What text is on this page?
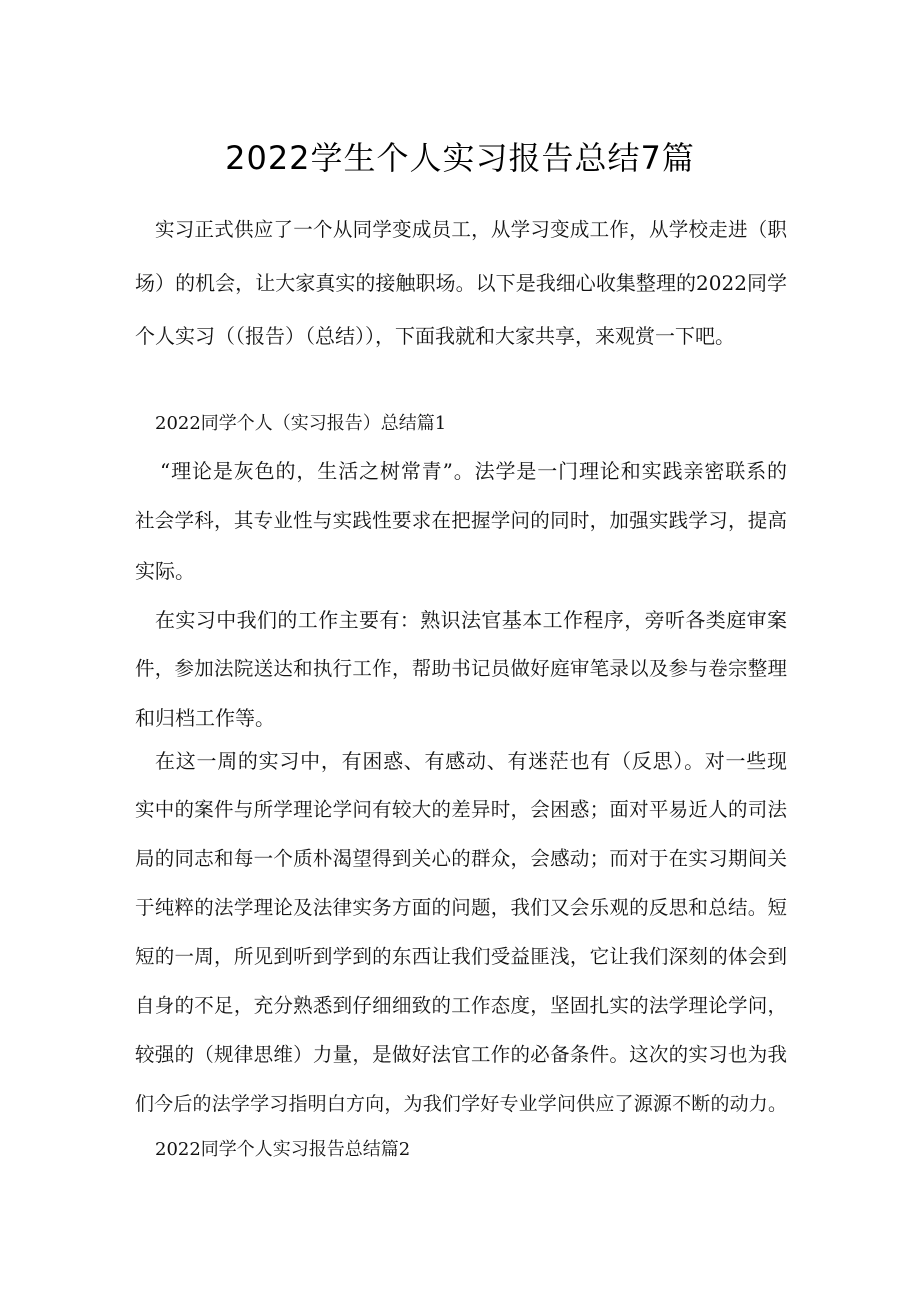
2022学生个人实习报告总结7篇
实习正式供应了一个从同学变成员工，从学习变成工作，从学校走进（职
场）的机会，让大家真实的接触职场。以下是我细心收集整理的2022同学
个人实习（（报告）（总结）），下面我就和大家共享，来观赏一下吧。
2022同学个人（实习报告）总结篇1
“理论是灰色的，生活之树常青”。法学是一门理论和实践亲密联系的
社会学科，其专业性与实践性要求在把握学问的同时，加强实践学习，提高
实际。
在实习中我们的工作主要有：熟识法官基本工作程序，旁听各类庭审案
件，参加法院送达和执行工作，帮助书记员做好庭审笔录以及参与卷宗整理
和归档工作等。
在这一周的实习中，有困惑、有感动、有迷茫也有（反思）。对一些现
实中的案件与所学理论学问有较大的差异时，会困惑；面对平易近人的司法
局的同志和每一个质朴渴望得到关心的群众，会感动；而对于在实习期间关
于纯粹的法学理论及法律实务方面的问题，我们又会乐观的反思和总结。短
短的一周，所见到听到学到的东西让我们受益匪浅，它让我们深刻的体会到
自身的不足，充分熟悉到仔细细致的工作态度，坚固扎实的法学理论学问，
较强的（规律思维）力量，是做好法官工作的必备条件。这次的实习也为我
们今后的法学学习指明白方向，为我们学好专业学问供应了源源不断的动力。
2022同学个人实习报告总结篇2
